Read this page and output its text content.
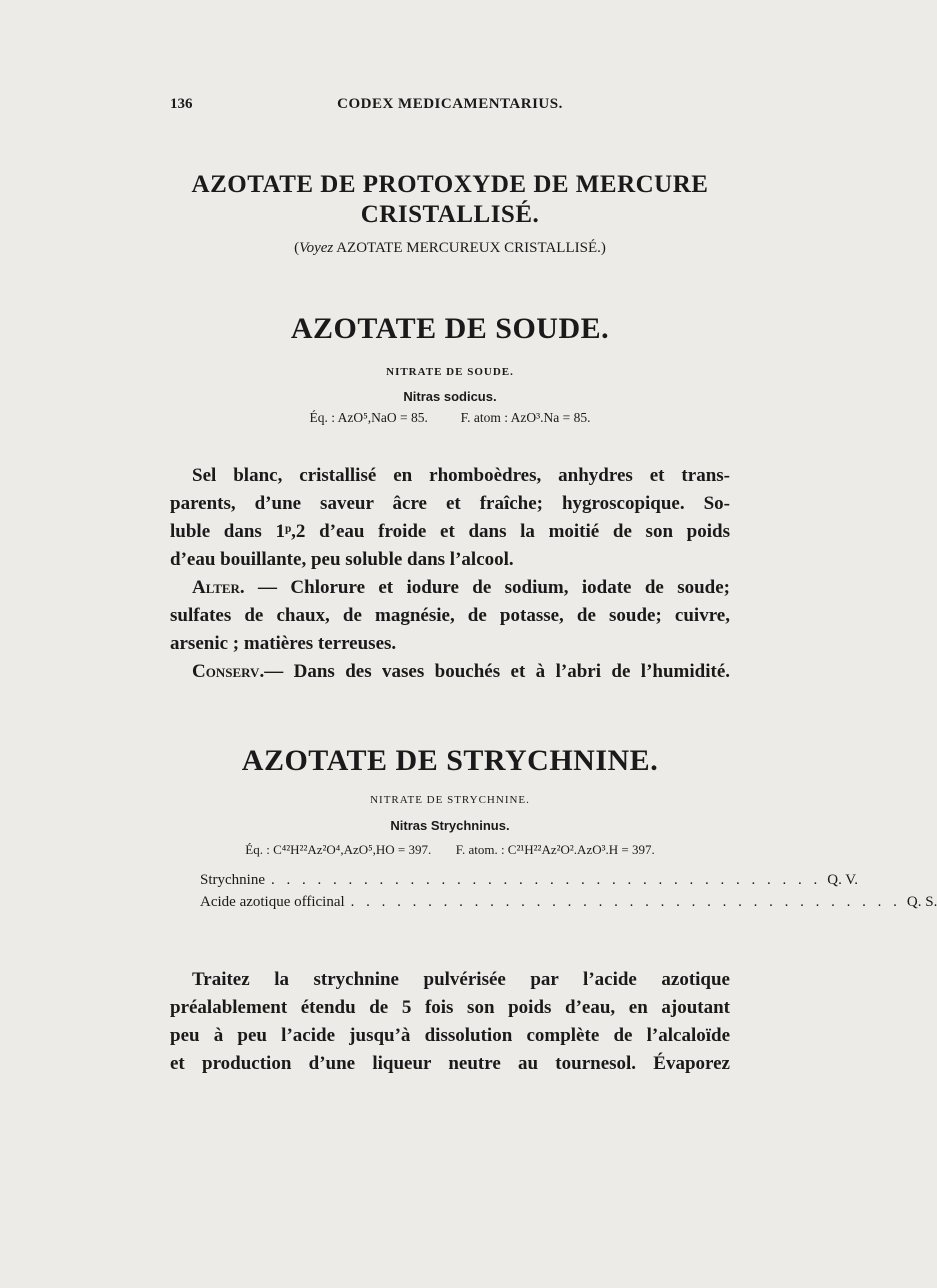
136	CODEX MEDICAMENTARIUS.
AZOTATE DE PROTOXYDE DE MERCURE
CRISTALLISÉ.
(Voyez AZOTATE MERCUREUX CRISTALLISÉ.)
AZOTATE DE SOUDE.
NITRATE DE SOUDE.
Nitras sodicus.
Éq. : AzO⁵,NaO = 85. F. atom : AzO³.Na = 85.
Sel blanc, cristallisé en rhomboèdres, anhydres et trans-
parents, d’une saveur âcre et fraîche; hygroscopique. So-
luble dans 1ᵖ,2 d’eau froide et dans la moitié de son poids
d’eau bouillante, peu soluble dans l’alcool.
Alter. — Chlorure et iodure de sodium, iodate de soude;
sulfates de chaux, de magnésie, de potasse, de soude; cuivre,
arsenic ; matières terreuses.
Conserv.— Dans des vases bouchés et à l’abri de l’humidité.
AZOTATE DE STRYCHNINE.
NITRATE DE STRYCHNINE.
Nitras Strychninus.
Éq. : C⁴²H²²Az²O⁴,AzO⁵,HO = 397. F. atom. : C²¹H²²Az²O².AzO³.H = 397.
Strychnine . . . . . . . . . . . . . . . . . . . . . . . . . . . . . . . . . . . . Q. V.
Acide azotique officinal . . . . . . . . . . . . . . . . . . . . . . . . . . . . . . . . . . . . Q. S.
Traitez la strychnine pulvérisée par l’acide azotique
préalablement étendu de 5 fois son poids d’eau, en ajoutant
peu à peu l’acide jusqu’à dissolution complète de l’alcaloïde
et production d’une liqueur neutre au tournesol. Évaporez
